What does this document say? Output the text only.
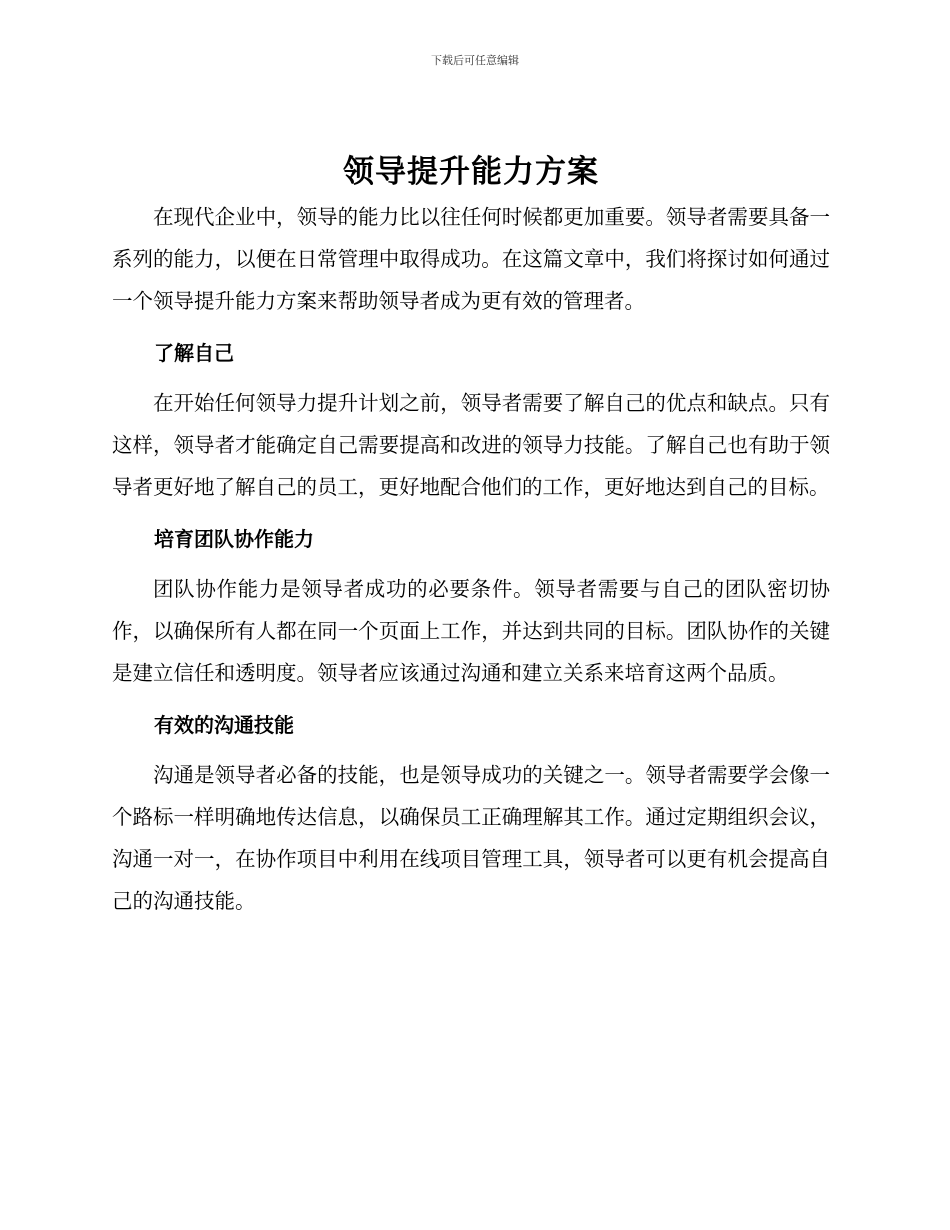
下载后可任意编辑
领导提升能力方案

在现代企业中，领导的能力比以往任何时候都更加重要。领导者需要具备一系列的能力，以便在日常管理中取得成功。在这篇文章中，我们将探讨如何通过一个领导提升能力方案来帮助领导者成为更有效的管理者。

了解自己

在开始任何领导力提升计划之前，领导者需要了解自己的优点和缺点。只有这样，领导者才能确定自己需要提高和改进的领导力技能。了解自己也有助于领导者更好地了解自己的员工，更好地配合他们的工作，更好地达到自己的目标。

培育团队协作能力

团队协作能力是领导者成功的必要条件。领导者需要与自己的团队密切协作，以确保所有人都在同一个页面上工作，并达到共同的目标。团队协作的关键是建立信任和透明度。领导者应该通过沟通和建立关系来培育这两个品质。

有效的沟通技能

沟通是领导者必备的技能，也是领导成功的关键之一。领导者需要学会像一个路标一样明确地传达信息，以确保员工正确理解其工作。通过定期组织会议，沟通一对一，在协作项目中利用在线项目管理工具，领导者可以更有机会提高自己的沟通技能。
